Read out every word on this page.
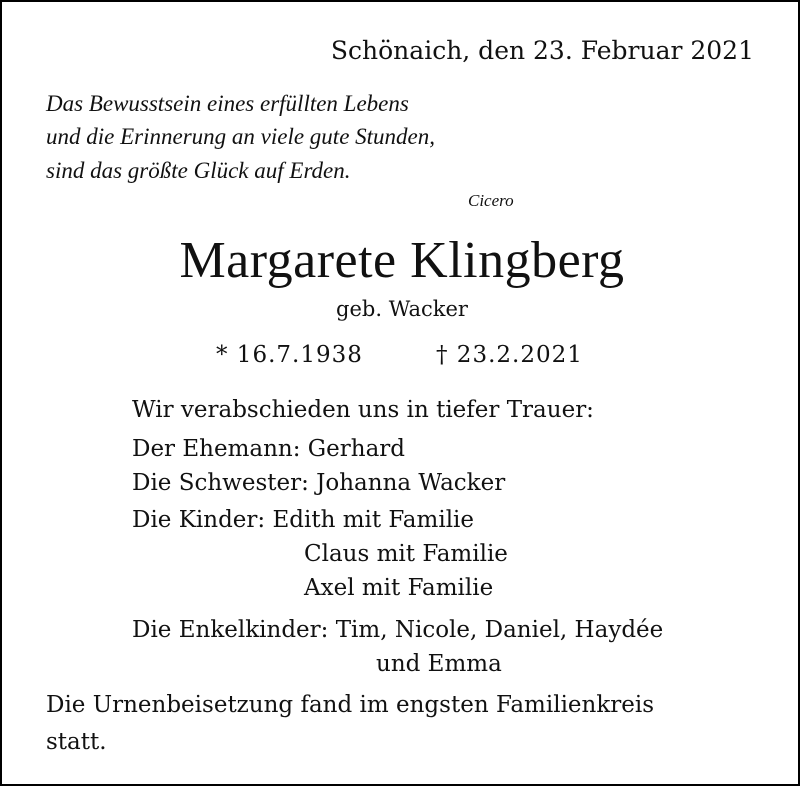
Schönaich, den 23. Februar 2021

Das Bewusstsein eines erfüllten Lebens

und die Erinnerung an viele gute Stunden,

sind das größte Glück auf Erden.

Cicero

Margarete Klingberg

geb. Wacker

* 16.7.1938	† 23.2.2021

Wir verabschieden uns in tiefer Trauer:

Der Ehemann: Gerhard

Die Schwester: Johanna Wacker

Die Kinder: Edith mit Familie

Claus mit Familie

Axel mit Familie

Die Enkelkinder: Tim, Nicole, Daniel, Haydée

und Emma

Die Urnenbeisetzung fand im engsten Familienkreis

statt.
